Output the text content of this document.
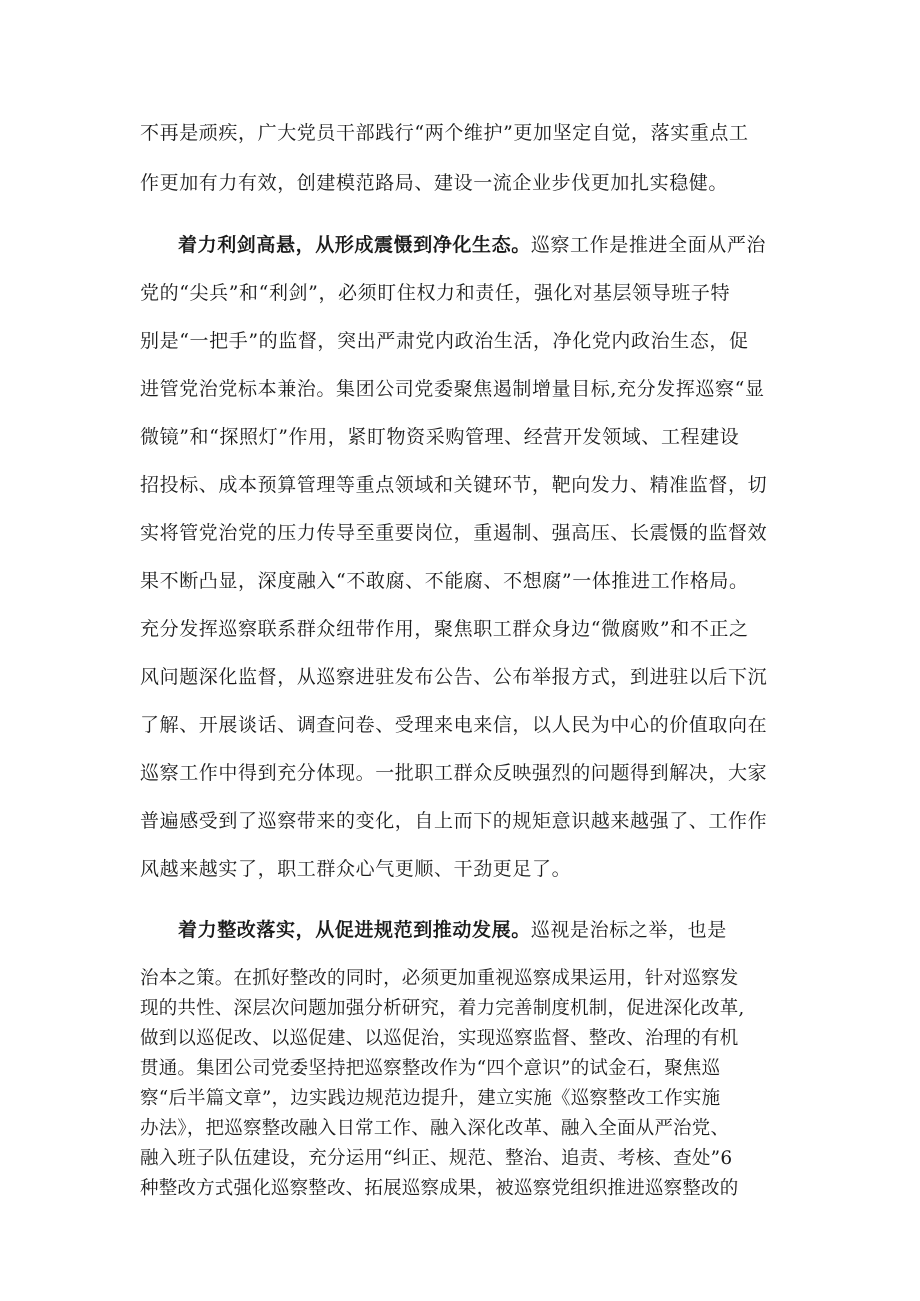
不再是顽疾，广大党员干部践行“两个维护”更加坚定自觉，落实重点工
作更加有力有效，创建模范路局、建设一流企业步伐更加扎实稳健。
着力利剑高悬，从形成震慑到净化生态。巡察工作是推进全面从严治
党的“尖兵”和“利剑”，必须盯住权力和责任，强化对基层领导班子特
别是“一把手”的监督，突出严肃党内政治生活，净化党内政治生态，促
进管党治党标本兼治。集团公司党委聚焦遏制增量目标,充分发挥巡察“显
微镜”和“探照灯”作用，紧盯物资采购管理、经营开发领域、工程建设
招投标、成本预算管理等重点领域和关键环节，靶向发力、精准监督，切
实将管党治党的压力传导至重要岗位，重遏制、强高压、长震慑的监督效
果不断凸显，深度融入“不敢腐、不能腐、不想腐”一体推进工作格局。
充分发挥巡察联系群众纽带作用，聚焦职工群众身边“微腐败”和不正之
风问题深化监督，从巡察进驻发布公告、公布举报方式，到进驻以后下沉
了解、开展谈话、调查问卷、受理来电来信，以人民为中心的价值取向在
巡察工作中得到充分体现。一批职工群众反映强烈的问题得到解决，大家
普遍感受到了巡察带来的变化，自上而下的规矩意识越来越强了、工作作
风越来越实了，职工群众心气更顺、干劲更足了。
着力整改落实，从促进规范到推动发展。巡视是治标之举，也是
治本之策。在抓好整改的同时，必须更加重视巡察成果运用，针对巡察发
现的共性、深层次问题加强分析研究，着力完善制度机制，促进深化改革,
做到以巡促改、以巡促建、以巡促治，实现巡察监督、整改、治理的有机
贯通。集团公司党委坚持把巡察整改作为“四个意识”的试金石，聚焦巡
察“后半篇文章”，边实践边规范边提升，建立实施《巡察整改工作实施
办法》，把巡察整改融入日常工作、融入深化改革、融入全面从严治党、
融入班子队伍建设，充分运用“纠正、规范、整治、追责、考核、查处”6
种整改方式强化巡察整改、拓展巡察成果，被巡察党组织推进巡察整改的
